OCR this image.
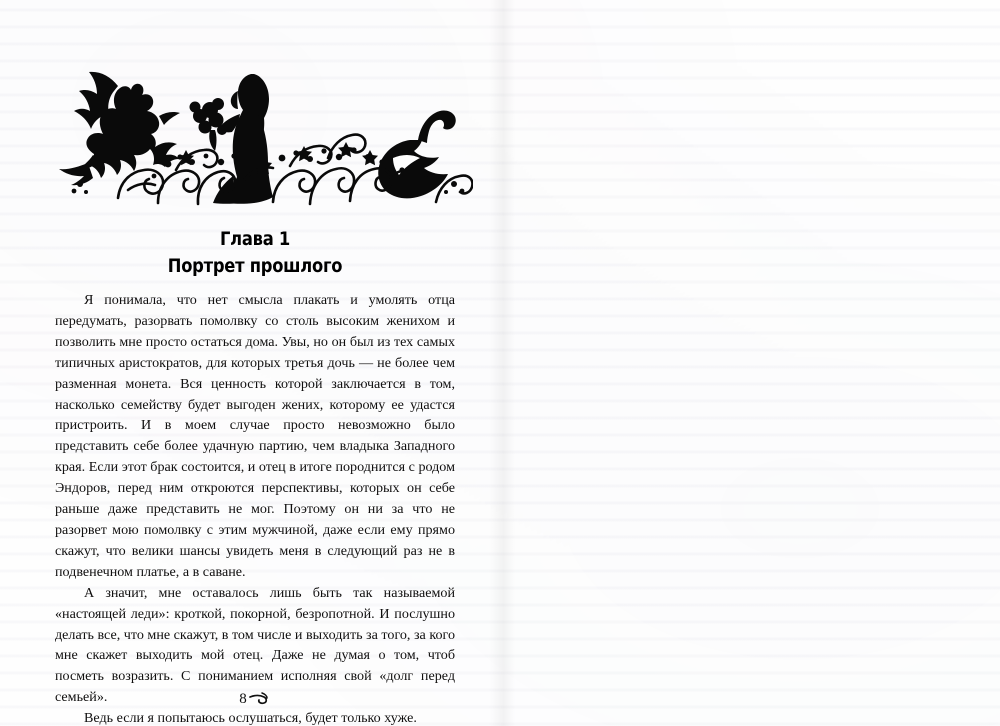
Глава 1
Портрет прошлого

Я понимала, что нет смысла плакать и умолять отца передумать, разорвать помолвку со столь высоким женихом и позволить мне просто остаться дома. Увы, но он был из тех самых типичных аристократов, для которых третья дочь — не более чем разменная монета. Вся ценность которой заключается в том, насколько семейству будет выгоден жених, которому ее удастся пристроить. И в моем случае просто невозможно было представить себе более удачную партию, чем владыка Западного края. Если этот брак состоится, и отец в итоге породнится с родом Эндоров, перед ним откроются перспективы, которых он себе раньше даже представить не мог. Поэтому он ни за что не разорвет мою помолвку с этим мужчиной, даже если ему прямо скажут, что велики шансы увидеть меня в следующий раз не в подвенечном платье, а в саване.

А значит, мне оставалось лишь быть так называемой «настоящей леди»: кроткой, покорной, безропотной. И послушно делать все, что мне скажут, в том числе и выходить за того, за кого мне скажет выходить мой отец. Даже не думая о том, чтоб посметь возразить. С пониманием исполняя свой «долг перед семьей».

Ведь если я попытаюсь ослушаться, будет только хуже.

8
